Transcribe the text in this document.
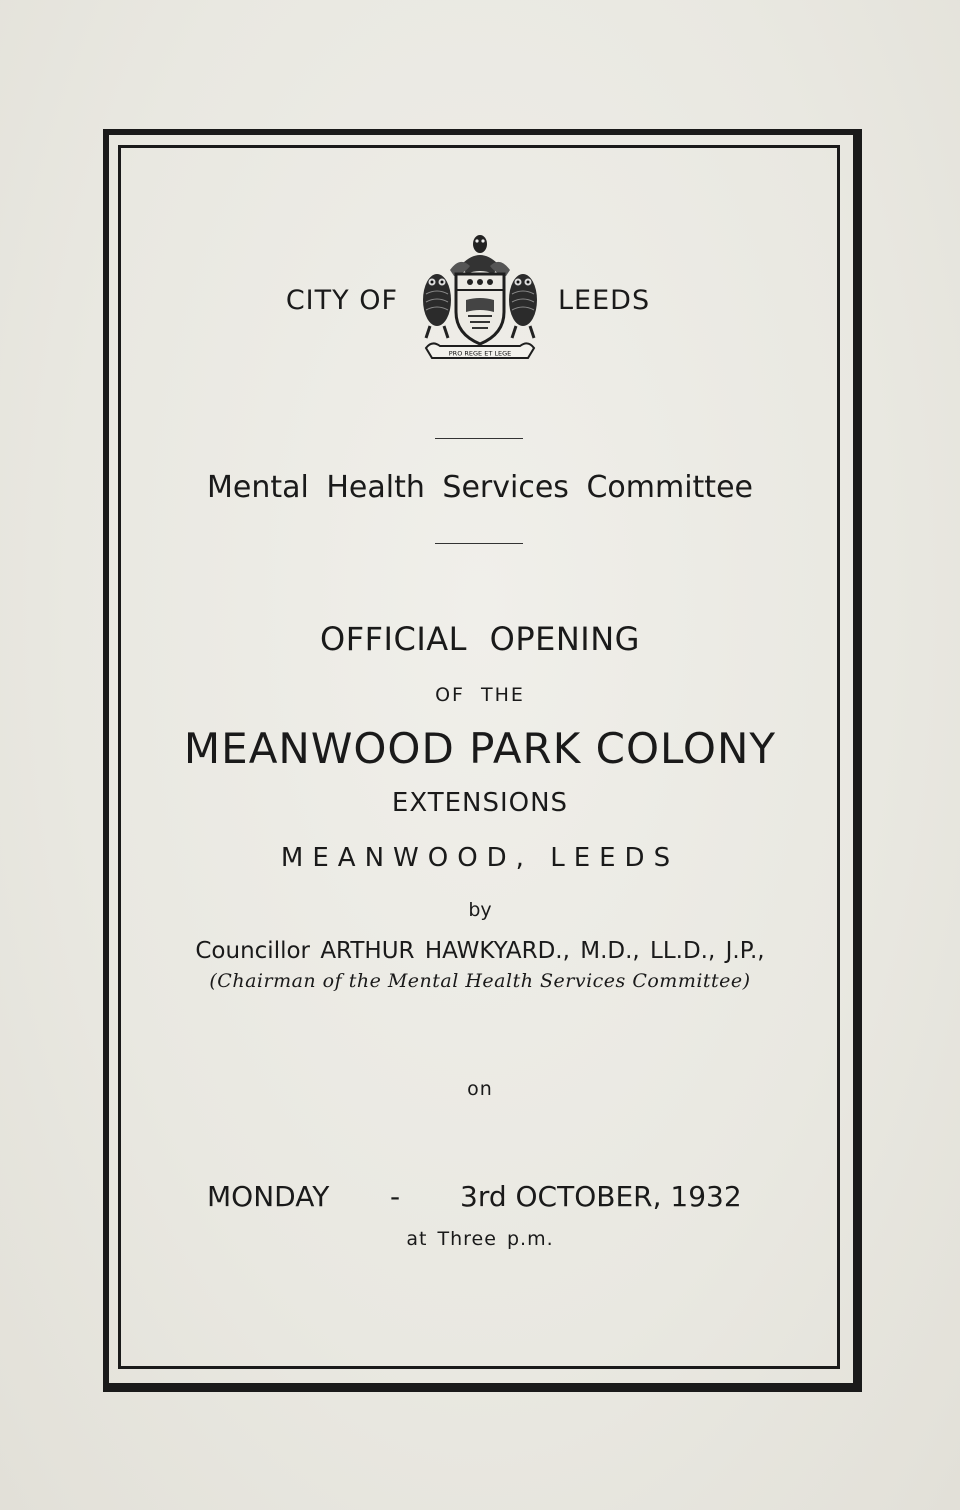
CITY OF
PRO REGE ET LEGE
LEEDS
Mental Health Services Committee
OFFICIAL OPENING
OF THE
MEANWOOD PARK COLONY
EXTENSIONS
MEANWOOD, LEEDS
by
Councillor ARTHUR HAWKYARD., M.D., LL.D., J.P.,
(Chairman of the Mental Health Services Committee)
on
MONDAY - 3rd OCTOBER, 1932
at Three p.m.
